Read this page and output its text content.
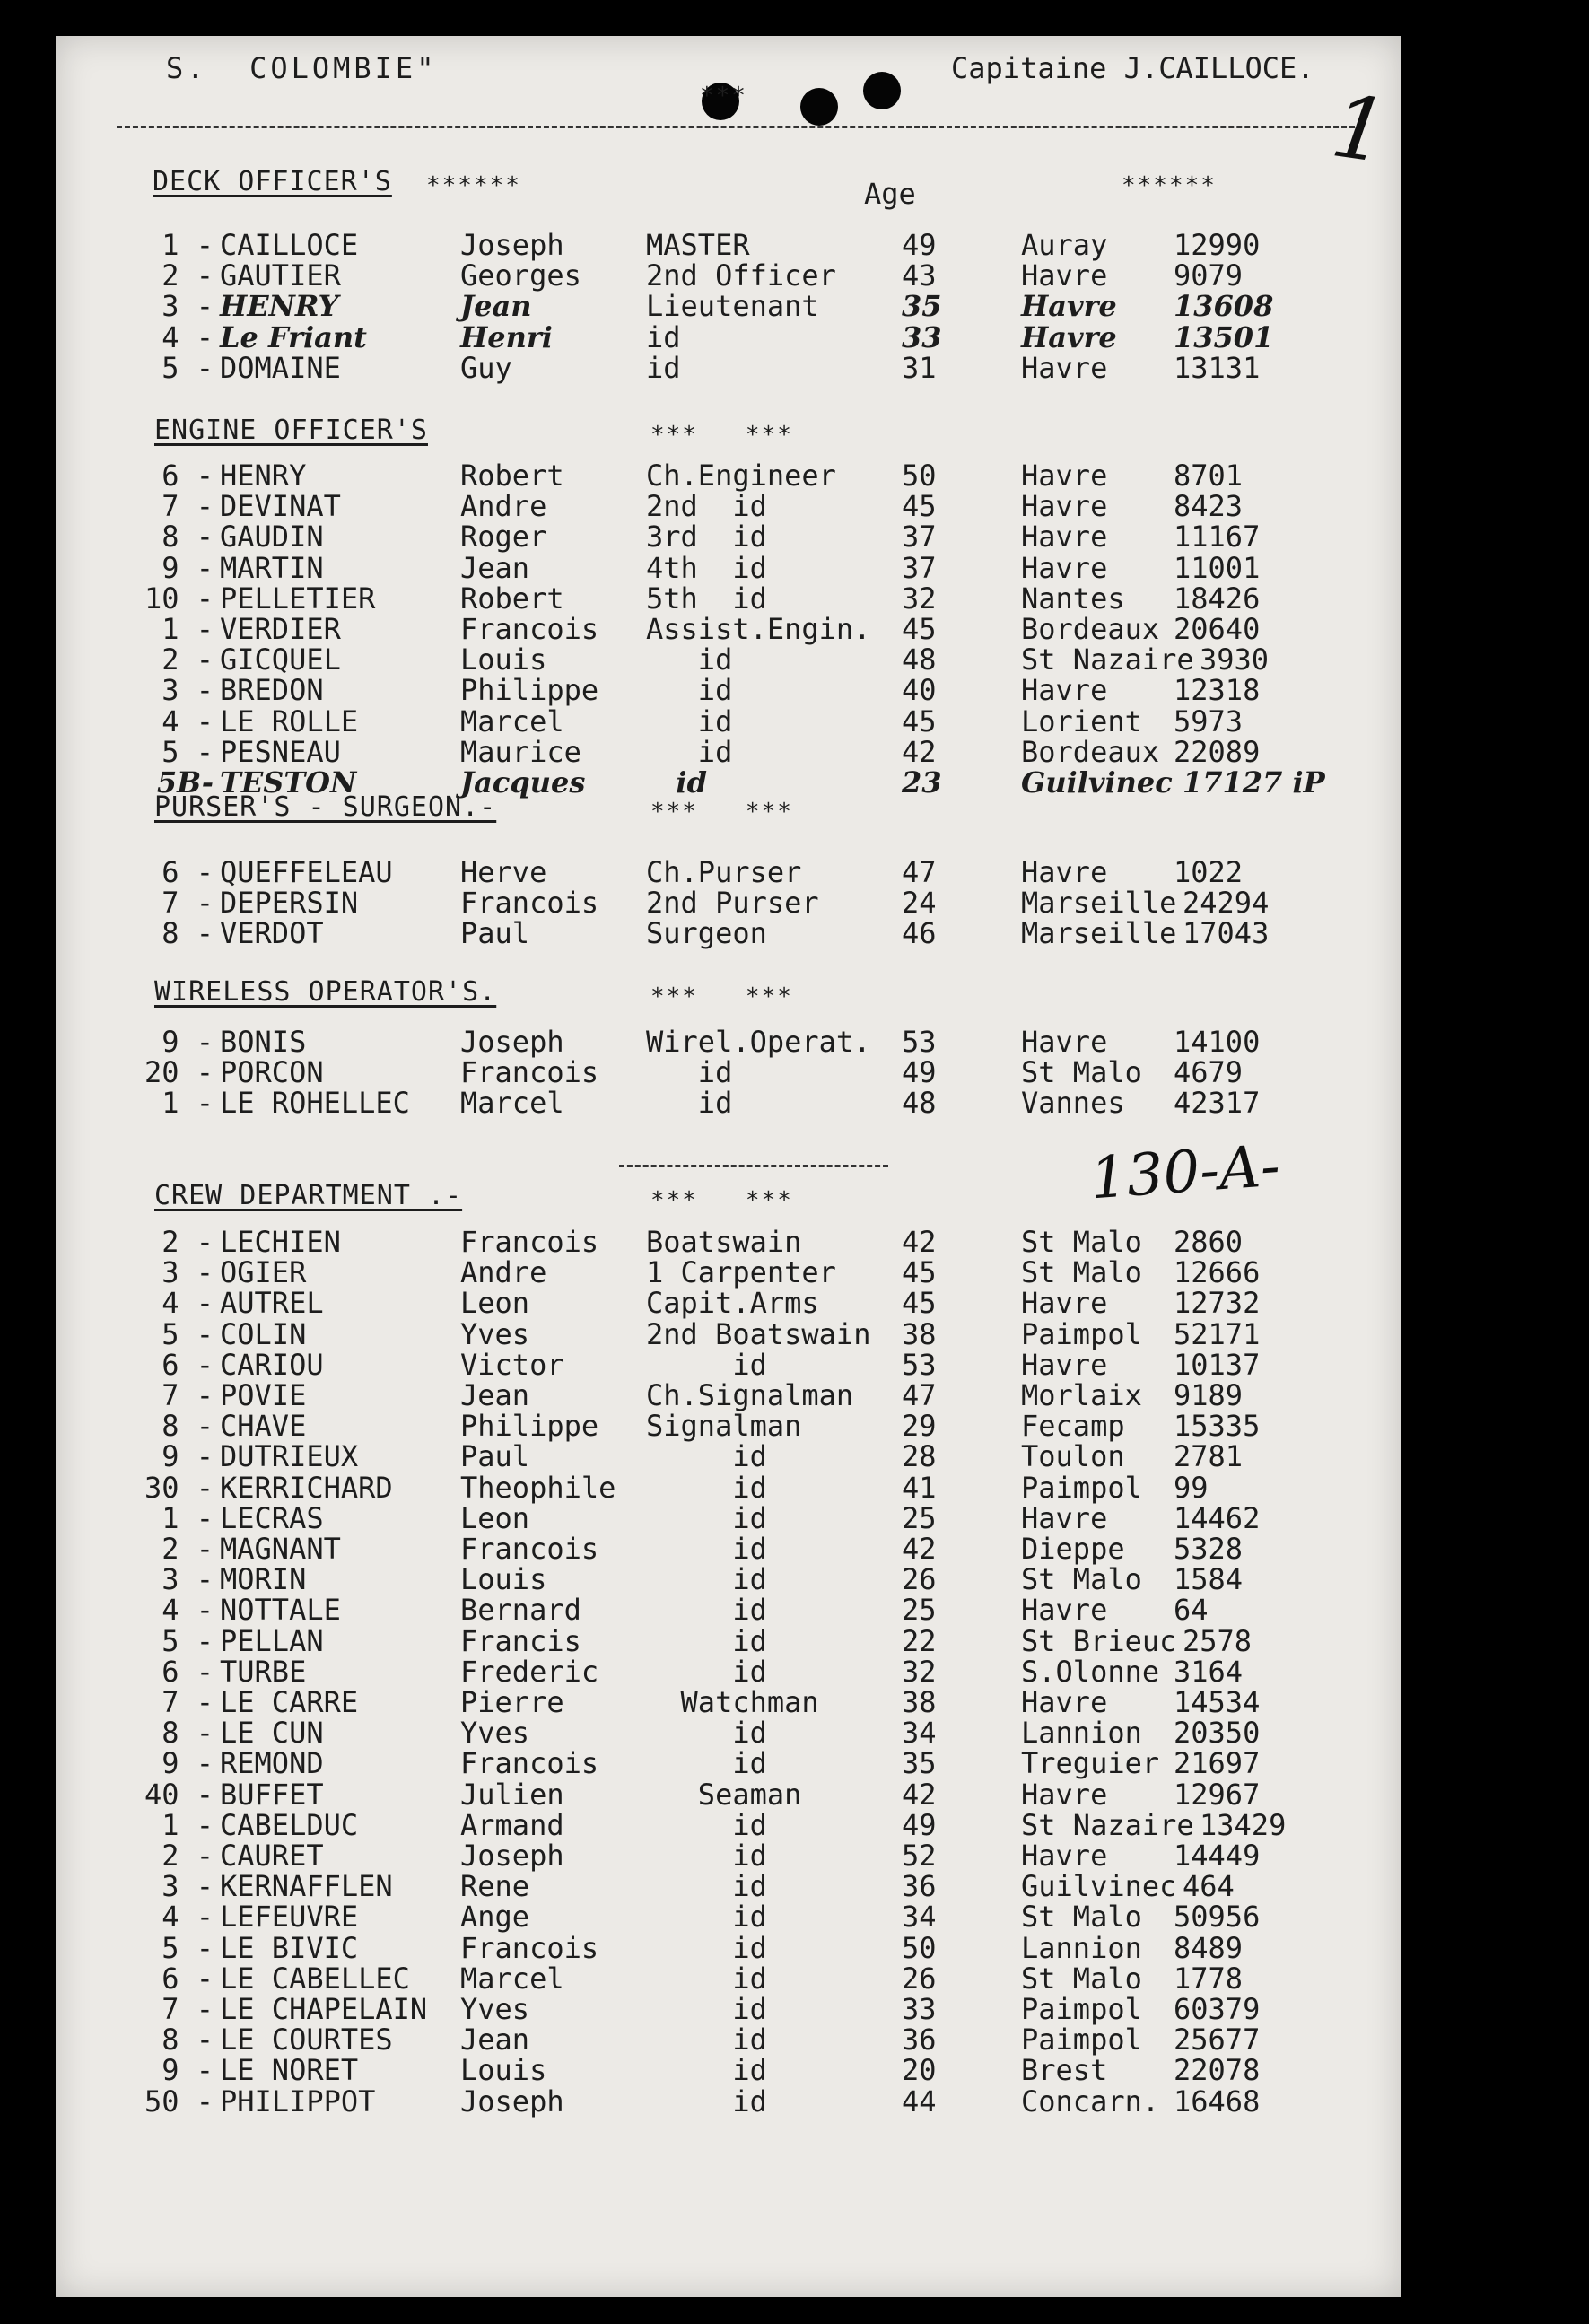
S.  COLOMBIE"	Capitaine J.CAILLOCE.
***	1
Age
******	******
DECK OFFICER'S
ENGINE OFFICER'S	***   ***
PURSER'S - SURGEON.-	***   ***
WIRELESS OPERATOR'S.	***   ***
CREW DEPARTMENT .-	***   ***
1 - CAILLOCE	Joseph	MASTER	49	Auray 12990
2 - GAUTIER	Georges 2nd Officer 43	Havre 9079
3 - HENRY	Jean	Lieutenant	35	Havre 13608
4 - Le Friant	Henri	id	33	Havre 13501
5 - DOMAINE	Guy	id	31	Havre 13131
6 - HENRY	Robert	Ch.Engineer 50	Havre 8701
7 - DEVINAT	Andre	2nd  id	45	Havre 8423
8 - GAUDIN	Roger	3rd  id	37	Havre 11167
9 - MARTIN	Jean	4th  id	37	Havre 11001
10 - PELLETIER	Robert	5th  id	32	Nantes 18426
1 - VERDIER	Francois Assist.Engin. 45	Bordeaux 20640
2 - GICQUEL	Louis	id	48	St Nazaire 3930
3 - BREDON	Philippe id	40	Havre 12318
4 - LE ROLLE	Marcel	id	45	Lorient 5973
5 - PESNEAU	Maurice id	42	Bordeaux 22089
5B- TESTON	Jacques id	23	Guilvinec 17127 iP
6 - QUEFFELEAU Herve	Ch.Purser	47	Havre 1022
7 - DEPERSIN	Francois 2nd Purser	24	Marseille 24294
8 - VERDOT	Paul	Surgeon	46	Marseille 17043
9 - BONIS	Joseph	Wirel.Operat. 53	Havre 14100
20 - PORCON	Francois id	49	St Malo 4679
1 - LE ROHELLEC Marcel	id	48	Vannes 42317
2 - LECHIEN	Francois Boatswain	42	St Malo 2860
3 - OGIER	Andre	1 Carpenter 45	St Malo 12666
4 - AUTREL	Leon	Capit.Arms	45	Havre 12732
5 - COLIN	Yves	2nd Boatswain 38	Paimpol 52171
6 - CARIOU	Victor	id	53	Havre 10137
7 - POVIE	Jean	Ch.Signalman 47	Morlaix 9189
8 - CHAVE	Philippe Signalman	29	Fecamp 15335
9 - DUTRIEUX	Paul	id	28	Toulon 2781
30 - KERRICHARD Theophile id	41	Paimpol 99
1 - LECRAS	Leon	id	25	Havre 14462
2 - MAGNANT	Francois id	42	Dieppe 5328
3 - MORIN	Louis	id	26	St Malo 1584
4 - NOTTALE	Bernard id	25	Havre 64
5 - PELLAN	Francis id	22	St Brieuc 2578
6 - TURBE	Frederic id	32	S.Olonne 3164
7 - LE CARRE	Pierre	Watchman	38	Havre 14534
8 - LE CUN	Yves	id	34	Lannion 20350
9 - REMOND	Francois id	35	Treguier 21697
40 - BUFFET	Julien	Seaman	42	Havre 12967
1 - CABELDUC	Armand	id	49	St Nazaire 13429
2 - CAURET	Joseph	id	52	Havre 14449
3 - KERNAFFLEN Rene	id	36	Guilvinec 464
4 - LEFEUVRE	Ange	id	34	St Malo 50956
5 - LE BIVIC	Francois id	50	Lannion 8489
6 - LE CABELLEC Marcel	id	26	St Malo 1778
7 - LE CHAPELAIN Yves	id	33	Paimpol 60379
8 - LE COURTES Jean	id	36	Paimpol 25677
9 - LE NORET	Louis	id	20	Brest 22078
50 - PHILIPPOT	Joseph	id	44	Concarn. 16468
130-A-
